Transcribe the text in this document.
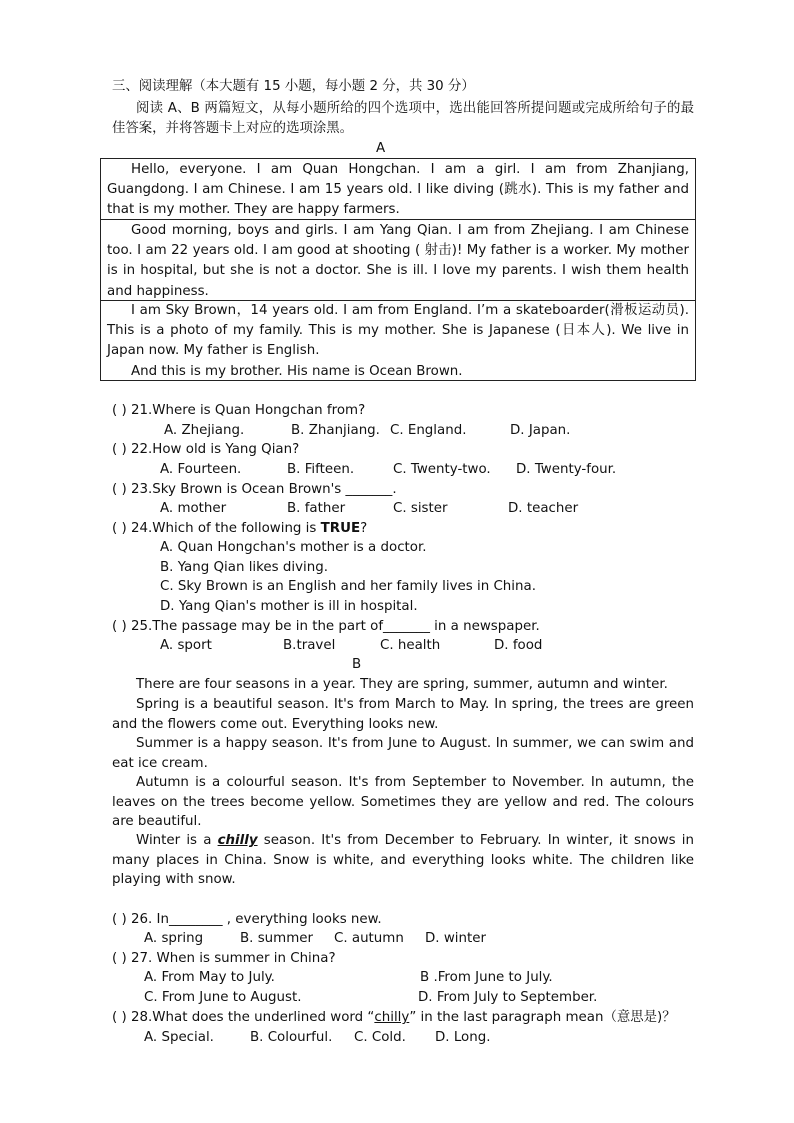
三、阅读理解（本大题有 15 小题，每小题 2 分，共 30 分）
阅读 A、B 两篇短文，从每小题所给的四个选项中，选出能回答所提问题或完成所给句子的最佳答案，并将答题卡上对应的选项涂黑。
A
Hello, everyone. I am Quan Hongchan. I am a girl. I am from Zhanjiang, Guangdong. I am Chinese. I am 15 years old. I like diving (跳水). This is my father and that is my mother. They are happy farmers.
Good morning, boys and girls. I am Yang Qian. I am from Zhejiang. I am Chinese too. I am 22 years old. I am good at shooting ( 射击)! My father is a worker. My mother is in hospital, but she is not a doctor. She is ill. I love my parents. I wish them health and happiness.
I am Sky Brown，14 years old. I am from England. I’m a skateboarder(滑板运动员). This is a photo of my family. This is my mother. She is Japanese (日本人). We live in Japan now. My father is English.
And this is my brother. His name is Ocean Brown.
( ) 21.Where is Quan Hongchan from?
A. Zhejiang.	B. Zhanjiang. C. England.	D. Japan.
( ) 22.How old is Yang Qian?
A. Fourteen.	B. Fifteen.	C. Twenty-two. D. Twenty-four.
( ) 23.Sky Brown is Ocean Brown's _______.
A. mother	B. father	C. sister	D. teacher
( ) 24.Which of the following is TRUE?
A. Quan Hongchan's mother is a doctor.
B. Yang Qian likes diving.
C. Sky Brown is an English and her family lives in China.
D. Yang Qian's mother is ill in hospital.
( ) 25.The passage may be in the part of_______ in a newspaper.
A. sport	B.travel	C. health	D. food
B
There are four seasons in a year. They are spring, summer, autumn and winter.
Spring is a beautiful season. It's from March to May. In spring, the trees are green and the flowers come out. Everything looks new.
Summer is a happy season. It's from June to August. In summer, we can swim and eat ice cream.
Autumn is a colourful season. It's from September to November. In autumn, the leaves on the trees become yellow. Sometimes they are yellow and red. The colours are beautiful.
Winter is a chilly season. It's from December to February. In winter, it snows in many places in China. Snow is white, and everything looks white. The children like playing with snow.
( ) 26. In________ , everything looks new.
A. spring	B. summer C. autumn D. winter
( ) 27. When is summer in China?
A. From May to July.	B .From June to July.
C. From June to August.	D. From July to September.
( ) 28.What does the underlined word “chilly” in the last paragraph mean（意思是)？
A. Special.	B. Colourful. C. Cold. D. Long.
